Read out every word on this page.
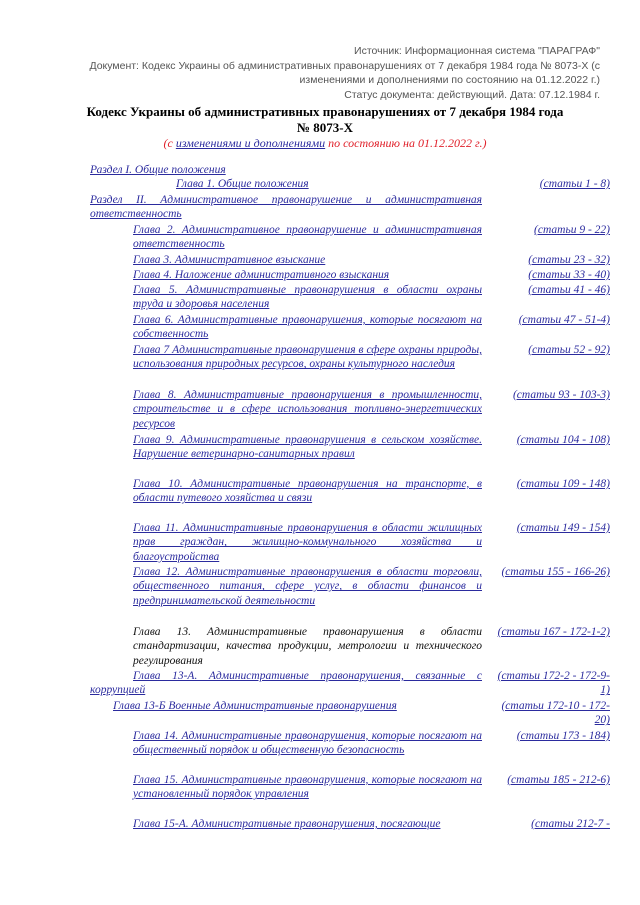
Источник: Информационная система "ПАРАГРАФ"
Документ: Кодекс Украины об административных правонарушениях от 7 декабря 1984 года № 8073-X (с изменениями и дополнениями по состоянию на 01.12.2022 г.)
Статус документа: действующий. Дата: 07.12.1984 г.
Кодекс Украины об административных правонарушениях от 7 декабря 1984 года № 8073-X
(с изменениями и дополнениями по состоянию на 01.12.2022 г.)
Раздел I. Общие положения
Глава 1. Общие положения	(статьи 1 - 8)
Раздел II. Административное правонарушение и административная ответственность
Глава 2. Административное правонарушение и административная ответственность
(статьи 9 - 22)
Глава 3. Административное взыскание	(статьи 23 - 32)
Глава 4. Наложение административного взыскания	(статьи 33 - 40)
Глава 5. Административные правонарушения в области охраны труда и здоровья населения
(статьи 41 - 46)
Глава 6. Административные правонарушения, которые посягают на собственность
(статьи 47 - 51-4)
Глава 7 Административные правонарушения в сфере охраны природы, использования природных ресурсов, охраны культурного наследия
(статьи 52 - 92)
Глава 8. Административные правонарушения в промышленности, строительстве и в сфере использования топливно-энергетических ресурсов
(статьи 93 - 103-3)
Глава 9. Административные правонарушения в сельском хозяйстве. Нарушение ветеринарно-санитарных правил
(статьи 104 - 108)
Глава 10. Административные правонарушения на транспорте, в области путевого хозяйства и связи
(статьи 109 - 148)
Глава 11. Административные правонарушения в области жилищных прав граждан, жилищно-коммунального хозяйства и благоустройства
(статьи 149 - 154)
Глава 12. Административные правонарушения в области торговли, общественного питания, сфере услуг, в области финансов и предпринимательской деятельности
(статьи 155 - 166-26)
Глава 13. Административные правонарушения в области стандартизации, качества продукции, метрологии и технического регулирования
(статьи 167 - 172-1-2)
Глава 13-А. Административные правонарушения, связанные с коррупцией
(статьи 172-2 - 172-9-1)
Глава 13-Б Военные Административные правонарушения	(статьи 172-10 - 172-20)
Глава 14. Административные правонарушения, которые посягают на общественный порядок и общественную безопасность
(статьи 173 - 184)
Глава 15. Административные правонарушения, которые посягают на установленный порядок управления
(статьи 185 - 212-6)
Глава 15-А. Административные правонарушения, посягающие	(статьи 212-7 -
